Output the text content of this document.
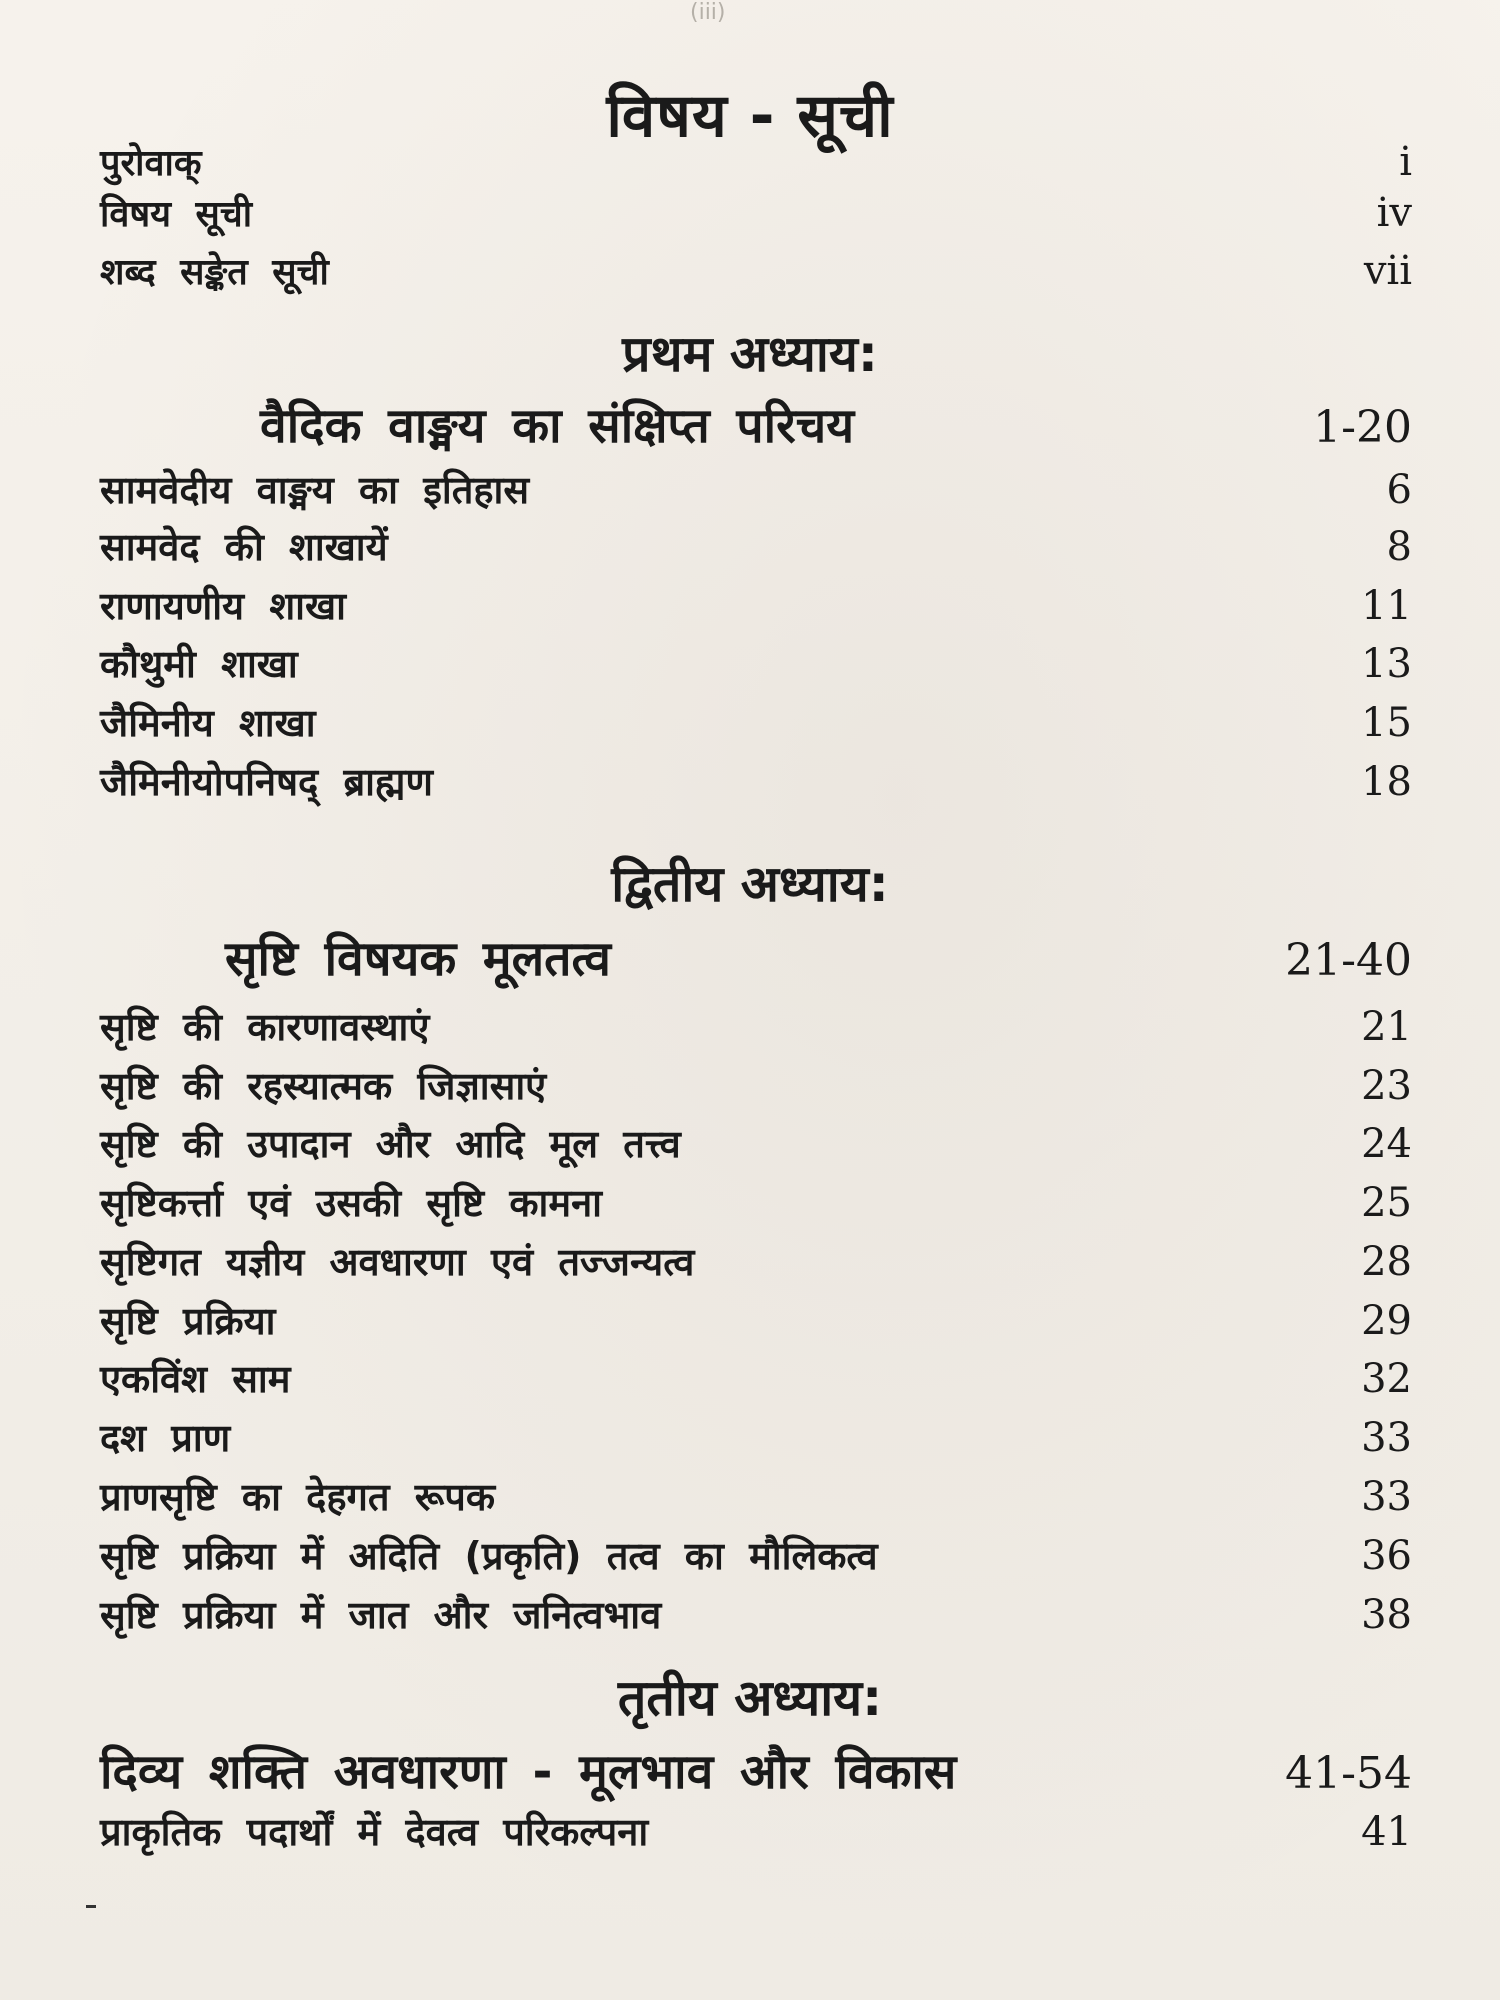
(iii)
विषय - सूची
पुरोवाक्	i
विषय सूची	iv
शब्द सङ्केत सूची	vii
प्रथम अध्याय:
वैदिक वाङ्मय का संक्षिप्त परिचय	1-20
सामवेदीय वाङ्मय का इतिहास	6
सामवेद की शाखायें	8
राणायणीय शाखा	11
कौथुमी शाखा	13
जैमिनीय शाखा	15
जैमिनीयोपनिषद् ब्राह्मण	18
द्वितीय अध्याय:
सृष्टि विषयक मूलतत्व	21-40
सृष्टि की कारणावस्थाएं	21
सृष्टि की रहस्यात्मक जिज्ञासाएं	23
सृष्टि की उपादान और आदि मूल तत्त्व	24
सृष्टिकर्त्ता एवं उसकी सृष्टि कामना	25
सृष्टिगत यज्ञीय अवधारणा एवं तज्जन्यत्व	28
सृष्टि प्रक्रिया	29
एकविंश साम	32
दश प्राण	33
प्राणसृष्टि का देहगत रूपक	33
सृष्टि प्रक्रिया में अदिति (प्रकृति) तत्व का मौलिकत्व	36
सृष्टि प्रक्रिया में जात और जनित्वभाव	38
तृतीय अध्याय:
दिव्य शक्ति अवधारणा - मूलभाव और विकास	41-54
प्राकृतिक पदार्थों में देवत्व परिकल्पना	41
